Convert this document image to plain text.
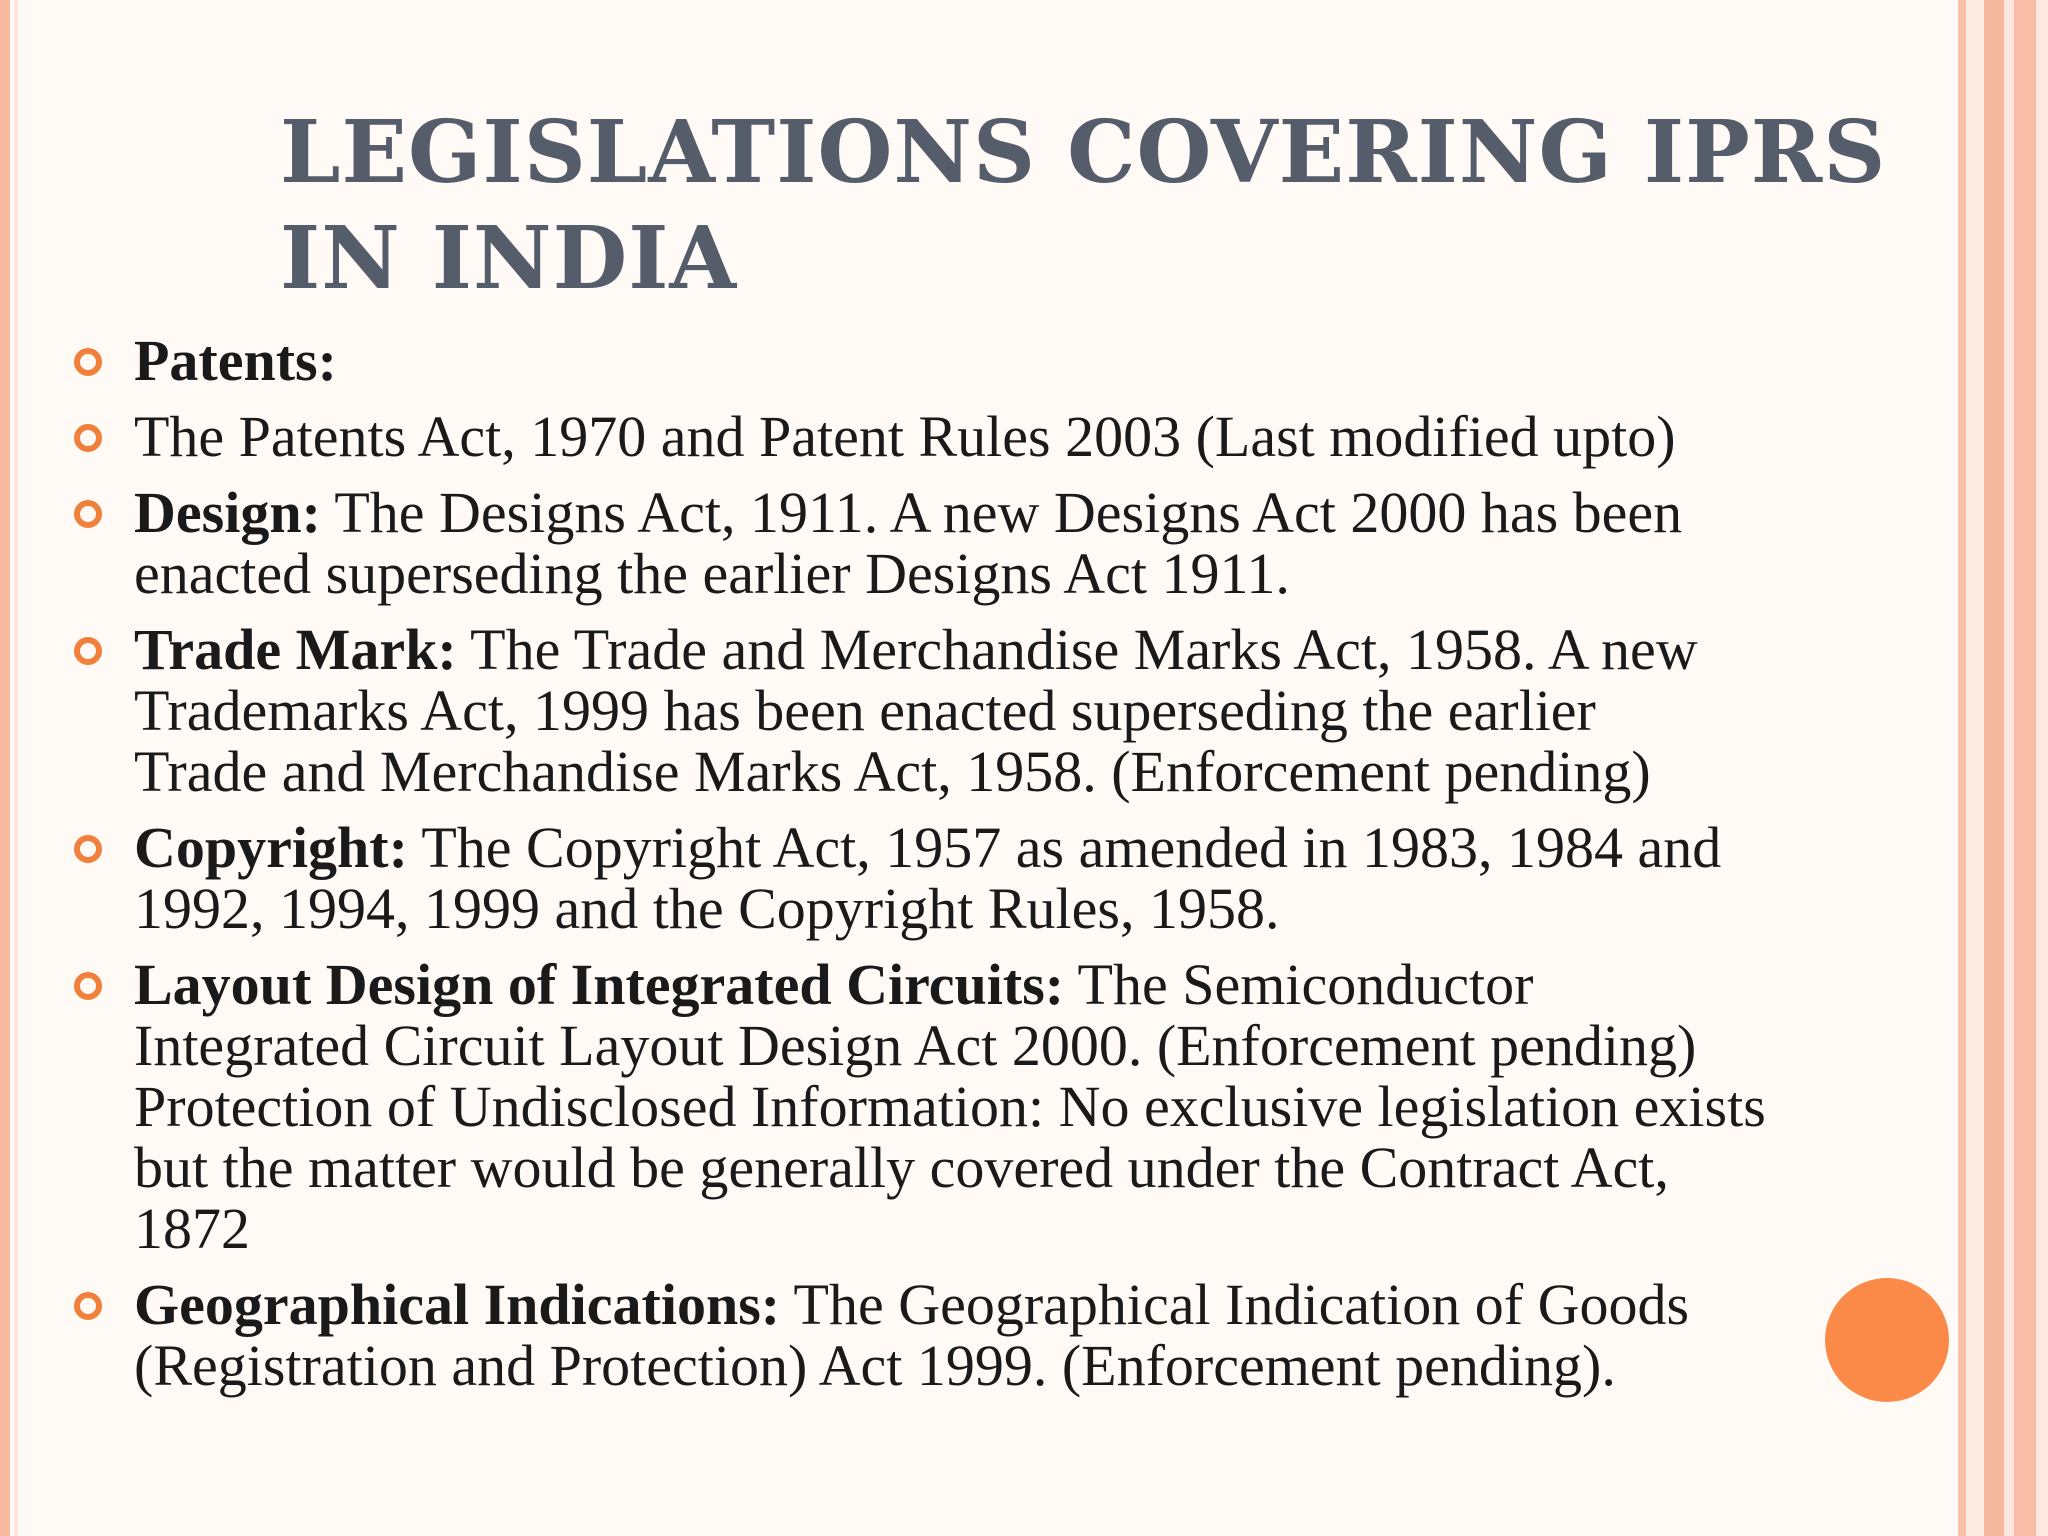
LEGISLATIONS COVERING IPRS
IN INDIA
Patents:
The Patents Act, 1970 and Patent Rules 2003 (Last modified upto)
Design: The Designs Act, 1911. A new Designs Act 2000 has been
enacted superseding the earlier Designs Act 1911.
Trade Mark: The Trade and Merchandise Marks Act, 1958. A new
Trademarks Act, 1999 has been enacted superseding the earlier
Trade and Merchandise Marks Act, 1958. (Enforcement pending)
Copyright: The Copyright Act, 1957 as amended in 1983, 1984 and
1992, 1994, 1999 and the Copyright Rules, 1958.
Layout Design of Integrated Circuits: The Semiconductor
Integrated Circuit Layout Design Act 2000. (Enforcement pending)
Protection of Undisclosed Information: No exclusive legislation exists
but the matter would be generally covered under the Contract Act,
1872
Geographical Indications: The Geographical Indication of Goods
(Registration and Protection) Act 1999. (Enforcement pending).
